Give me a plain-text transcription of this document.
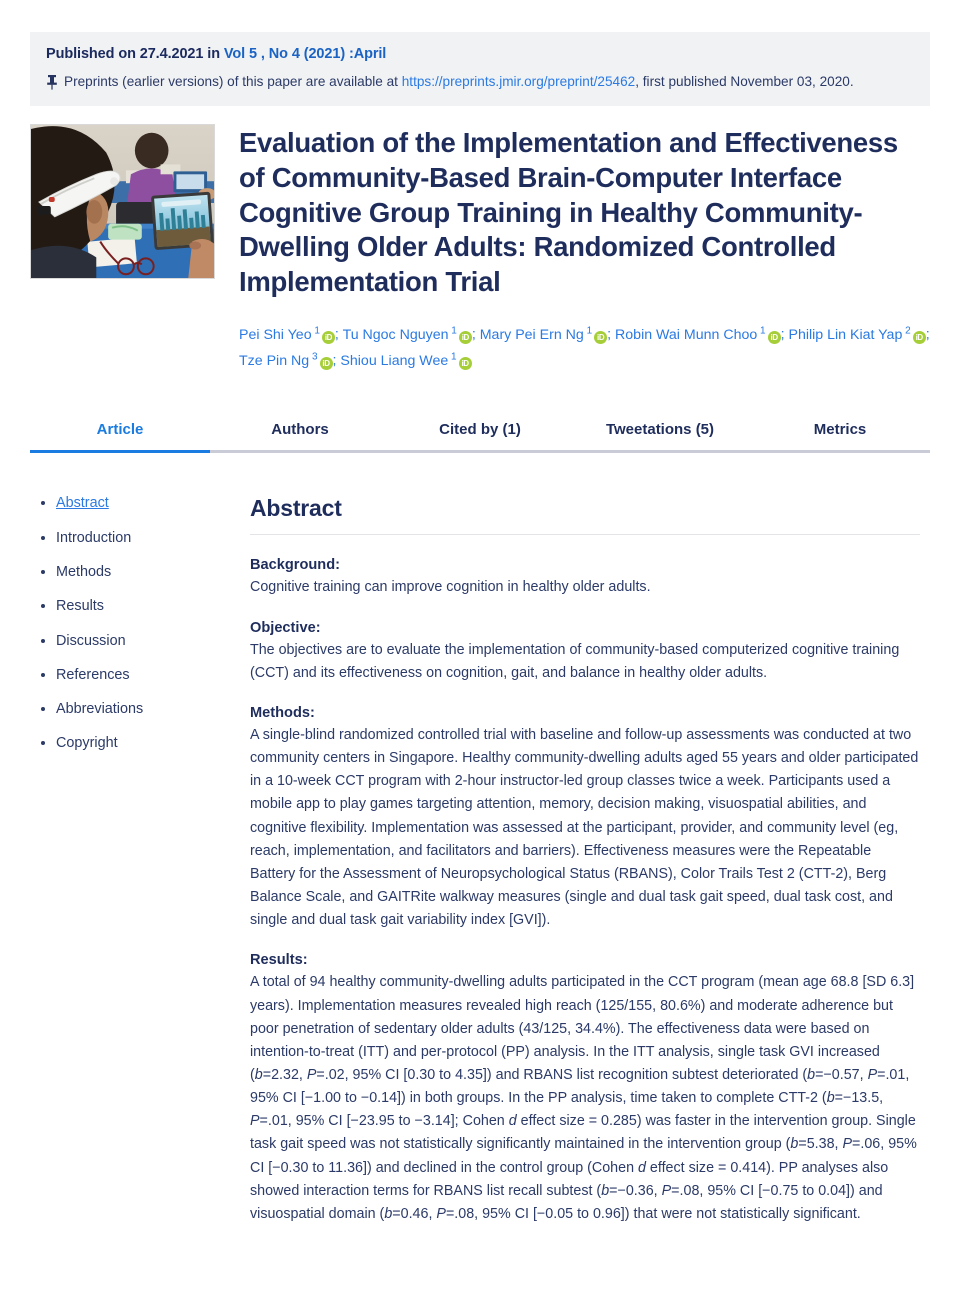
Published on 27.4.2021 in Vol 5 , No 4 (2021) :April
Preprints (earlier versions) of this paper are available at https://preprints.jmir.org/preprint/25462, first published November 03, 2020.
Evaluation of the Implementation and Effectiveness of Community-Based Brain-Computer Interface Cognitive Group Training in Healthy Community-Dwelling Older Adults: Randomized Controlled Implementation Trial
Pei Shi Yeo $^1$iD ; Tu Ngoc Nguyen $^1$iD ; Mary Pei Ern Ng $^1$iD ; Robin Wai Munn Choo $^1$iD ; Philip Lin Kiat Yap $^2$iD ; Tze Pin Ng $^3$iD ; Shiou Liang Wee $^1$iD
Article	Authors	Cited by (1)	Tweetations (5)	Metrics
• Abstract
• Introduction
• Methods
• Results
• Discussion
• References
• Abbreviations
• Copyright
Abstract
Background:
Cognitive training can improve cognition in healthy older adults.
Objective:
The objectives are to evaluate the implementation of community-based computerized cognitive training (CCT) and its effectiveness on cognition, gait, and balance in healthy older adults.
Methods:
A single-blind randomized controlled trial with baseline and follow-up assessments was conducted at two community centers in Singapore. Healthy community-dwelling adults aged 55 years and older participated in a 10-week CCT program with 2-hour instructor-led group classes twice a week. Participants used a mobile app to play games targeting attention, memory, decision making, visuospatial abilities, and cognitive flexibility. Implementation was assessed at the participant, provider, and community level (eg, reach, implementation, and facilitators and barriers). Effectiveness measures were the Repeatable Battery for the Assessment of Neuropsychological Status (RBANS), Color Trails Test 2 (CTT-2), Berg Balance Scale, and GAITRite walkway measures (single and dual task gait speed, dual task cost, and single and dual task gait variability index [GVI]).
Results:
A total of 94 healthy community-dwelling adults participated in the CCT program (mean age 68.8 [SD 6.3] years). Implementation measures revealed high reach (125/155, 80.6%) and moderate adherence but poor penetration of sedentary older adults (43/125, 34.4%). The effectiveness data were based on intention-to-treat (ITT) and per-protocol (PP) analysis. In the ITT analysis, single task GVI increased (b=2.32, P=.02, 95% CI [0.30 to 4.35]) and RBANS list recognition subtest deteriorated (b=−0.57, P=.01, 95% CI [−1.00 to −0.14]) in both groups. In the PP analysis, time taken to complete CTT-2 (b=−13.5, P=.01, 95% CI [−23.95 to −3.14]; Cohen d effect size = 0.285) was faster in the intervention group. Single task gait speed was not statistically significantly maintained in the intervention group (b=5.38, P=.06, 95% CI [−0.30 to 11.36]) and declined in the control group (Cohen d effect size = 0.414). PP analyses also showed interaction terms for RBANS list recall subtest (b=−0.36, P=.08, 95% CI [−0.75 to 0.04]) and visuospatial domain (b=0.46, P=.08, 95% CI [−0.05 to 0.96]) that were not statistically significant.
